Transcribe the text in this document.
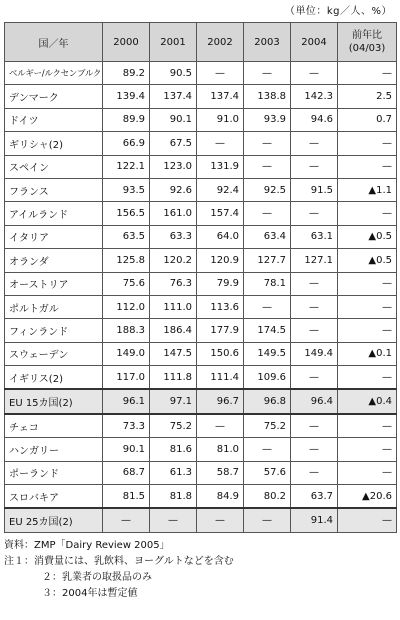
（単位：kg／人、%）
国／年	2000	2001	2002	2003	2004	前年比
(04/03)
ベルギー/ルクセンブルク	89.2	90.5	—	—	—	—
デンマーク	139.4	137.4	137.4	138.8	142.3	2.5
ドイツ	89.9	90.1	91.0	93.9	94.6	0.7
ギリシャ(2)	66.9	67.5	—	—	—	—
スペイン	122.1	123.0	131.9	—	—	—
フランス	93.5	92.6	92.4	92.5	91.5	▲1.1
アイルランド	156.5	161.0	157.4	—	—	—
イタリア	63.5	63.3	64.0	63.4	63.1	▲0.5
オランダ	125.8	120.2	120.9	127.7	127.1	▲0.5
オーストリア	75.6	76.3	79.9	78.1	—	—
ポルトガル	112.0	111.0	113.6	—	—	—
フィンランド	188.3	186.4	177.9	174.5	—	—
スウェーデン	149.0	147.5	150.6	149.5	149.4	▲0.1
イギリス(2)	117.0	111.8	111.4	109.6	—	—
EU 15カ国(2)	96.1	97.1	96.7	96.8	96.4	▲0.4
チェコ	73.3	75.2	—	75.2	—	—
ハンガリー	90.1	81.6	81.0	—	—	—
ポーランド	68.7	61.3	58.7	57.6	—	—
スロバキア	81.5	81.8	84.9	80.2	63.7	▲20.6
EU 25カ国(2)	—	—	—	—	91.4	—
資料：ZMP「Dairy Review 2005」
注１：消費量には、乳飲料、ヨーグルトなどを含む
２：乳業者の取扱品のみ
３：2004年は暫定値
